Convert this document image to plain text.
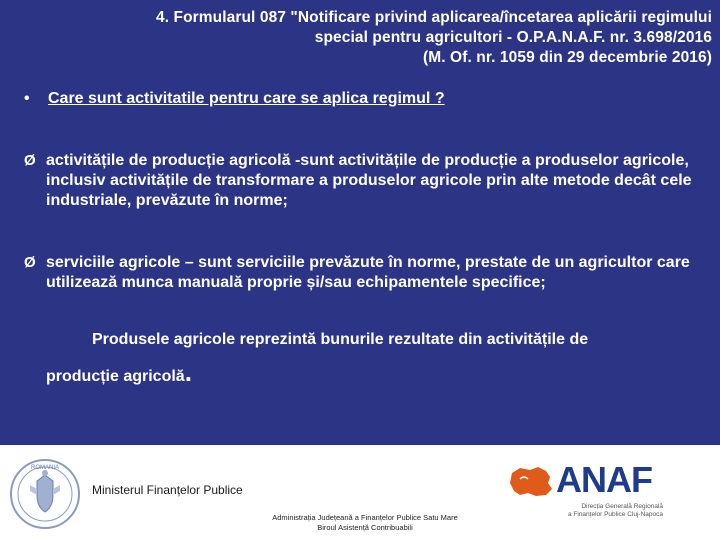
4. Formularul 087 "Notificare privind aplicarea/încetarea aplicării regimului
special pentru agricultori - O.P.A.N.A.F. nr. 3.698/2016
(M. Of. nr. 1059 din 29 decembrie 2016)
• Care sunt activitatile pentru care se aplica regimul ?
Ø activitățile de producție agricolă -sunt activitățile de producție a produselor agricole, inclusiv activitățile de transformare a produselor agricole prin alte metode decât cele industriale, prevăzute în norme;
Ø serviciile agricole – sunt serviciile prevăzute în norme, prestate de un agricultor care utilizează munca manuală proprie și/sau echipamentele specifice;
Produsele agricole reprezintă bunurile rezultate din activitățile de
producție agricolă.
ROMANIA
Ministerul Finanțelor Publice
Administrația Județeană a Finanțelor Publice Satu Mare
Biroul Asistență Contribuabili
ANAF
Direcția Generală Regională
a Finanțelor Publice Cluj-Napoca
